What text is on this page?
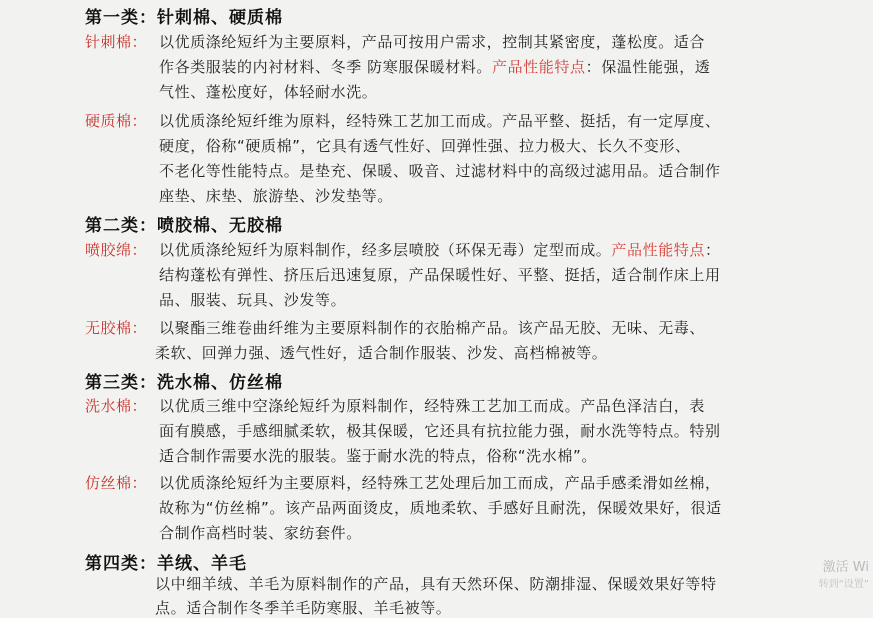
第一类：针刺棉、硬质棉
针刺棉： 以优质涤纶短纤为主要原料，产品可按用户需求，控制其紧密度，蓬松度。适合
作各类服装的内衬材料、冬季 防寒服保暖材料。产品性能特点：保温性能强，透
气性、蓬松度好，体轻耐水洗。
硬质棉： 以优质涤纶短纤维为原料，经特殊工艺加工而成。产品平整、挺括，有一定厚度、
硬度，俗称“硬质棉”，它具有透气性好、回弹性强、拉力极大、长久不变形、
不老化等性能特点。是垫充、保暖、吸音、过滤材料中的高级过滤用品。适合制作
座垫、床垫、旅游垫、沙发垫等。
第二类：喷胶棉、无胶棉
喷胶绵： 以优质涤纶短纤为原料制作，经多层喷胶（环保无毒）定型而成。产品性能特点：
结构蓬松有弹性、挤压后迅速复原，产品保暖性好、平整、挺括，适合制作床上用
品、服装、玩具、沙发等。
无胶棉： 以聚酯三维卷曲纤维为主要原料制作的衣胎棉产品。该产品无胶、无味、无毒、
柔软、回弹力强、透气性好，适合制作服装、沙发、高档棉被等。
第三类：洗水棉、仿丝棉
洗水棉： 以优质三维中空涤纶短纤为原料制作，经特殊工艺加工而成。产品色泽洁白，表
面有膜感，手感细腻柔软，极其保暖，它还具有抗拉能力强，耐水洗等特点。特别
适合制作需要水洗的服装。鉴于耐水洗的特点，俗称“洗水棉”。
仿丝棉： 以优质涤纶短纤为主要原料，经特殊工艺处理后加工而成，产品手感柔滑如丝棉，
故称为“仿丝棉”。该产品两面烫皮，质地柔软、手感好且耐洗，保暖效果好，很适
合制作高档时装、家纺套件。
第四类：羊绒、羊毛
以中细羊绒、羊毛为原料制作的产品，具有天然环保、防潮排湿、保暖效果好等特
点。适合制作冬季羊毛防寒服、羊毛被等。
激活 Wi
转到“设置”
